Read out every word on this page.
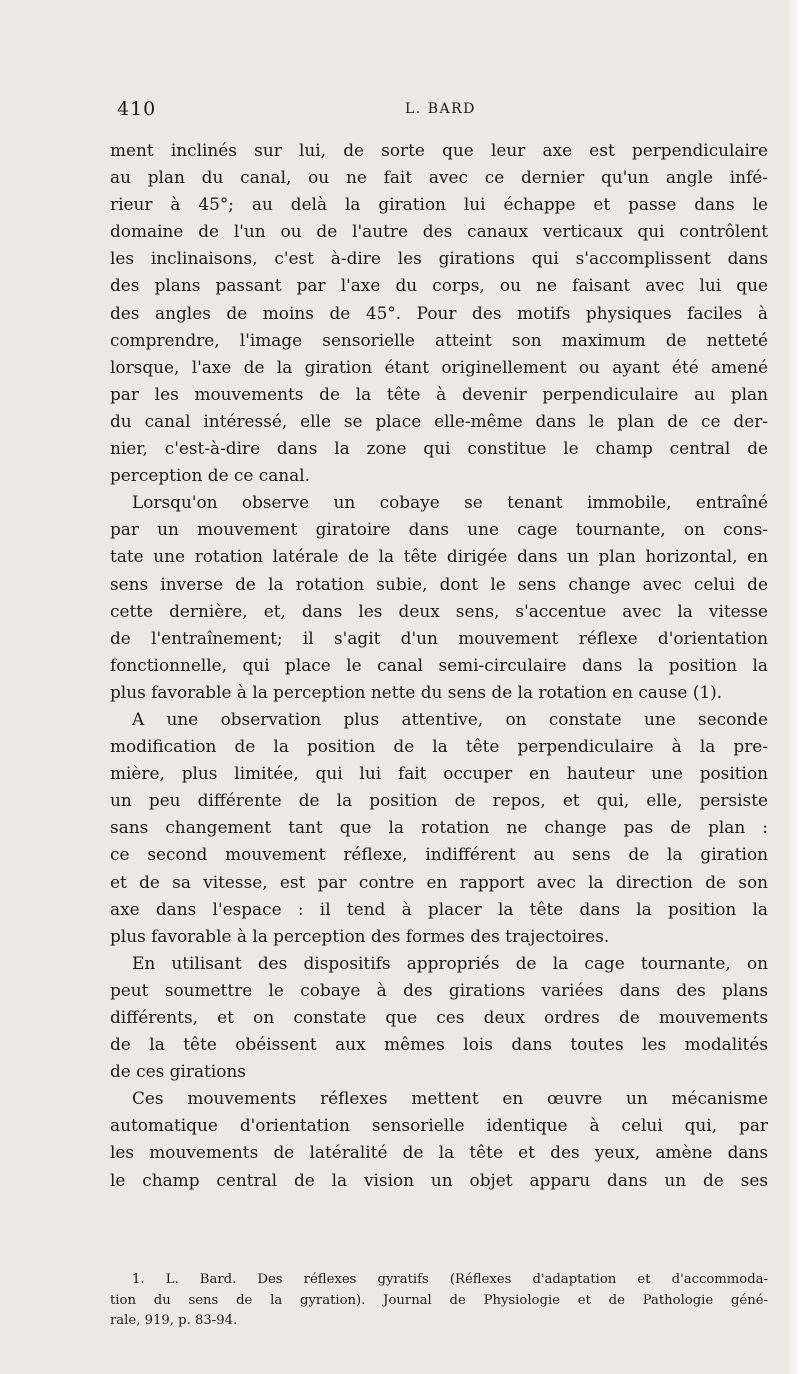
410	L. BARD
ment inclinés sur lui, de sorte que leur axe est perpendiculaire
au plan du canal, ou ne fait avec ce dernier qu'un angle infé-
rieur à 45°; au delà la giration lui échappe et passe dans le
domaine de l'un ou de l'autre des canaux verticaux qui contrôlent
les inclinaisons, c'est à-dire les girations qui s'accomplissent dans
des plans passant par l'axe du corps, ou ne faisant avec lui que
des angles de moins de 45°. Pour des motifs physiques faciles à
comprendre, l'image sensorielle atteint son maximum de netteté
lorsque, l'axe de la giration étant originellement ou ayant été amené
par les mouvements de la tête à devenir perpendiculaire au plan
du canal intéressé, elle se place elle-même dans le plan de ce der-
nier, c'est-à-dire dans la zone qui constitue le champ central de
perception de ce canal.
Lorsqu'on observe un cobaye se tenant immobile, entraîné
par un mouvement giratoire dans une cage tournante, on cons-
tate une rotation latérale de la tête dirigée dans un plan horizontal, en
sens inverse de la rotation subie, dont le sens change avec celui de
cette dernière, et, dans les deux sens, s'accentue avec la vitesse
de l'entraînement; il s'agit d'un mouvement réflexe d'orientation
fonctionnelle, qui place le canal semi-circulaire dans la position la
plus favorable à la perception nette du sens de la rotation en cause (1).
A une observation plus attentive, on constate une seconde
modification de la position de la tête perpendiculaire à la pre-
mière, plus limitée, qui lui fait occuper en hauteur une position
un peu différente de la position de repos, et qui, elle, persiste
sans changement tant que la rotation ne change pas de plan :
ce second mouvement réflexe, indifférent au sens de la giration
et de sa vitesse, est par contre en rapport avec la direction de son
axe dans l'espace : il tend à placer la tête dans la position la
plus favorable à la perception des formes des trajectoires.
En utilisant des dispositifs appropriés de la cage tournante, on
peut soumettre le cobaye à des girations variées dans des plans
différents, et on constate que ces deux ordres de mouvements
de la tête obéissent aux mêmes lois dans toutes les modalités
de ces girations
Ces mouvements réflexes mettent en œuvre un mécanisme
automatique d'orientation sensorielle identique à celui qui, par
les mouvements de latéralité de la tête et des yeux, amène dans
le champ central de la vision un objet apparu dans un de ses
1. L. Bard. Des réflexes gyratifs (Réflexes d'adaptation et d'accommoda-
tion du sens de la gyration). Journal de Physiologie et de Pathologie géné-
rale, 919, p. 83-94.
